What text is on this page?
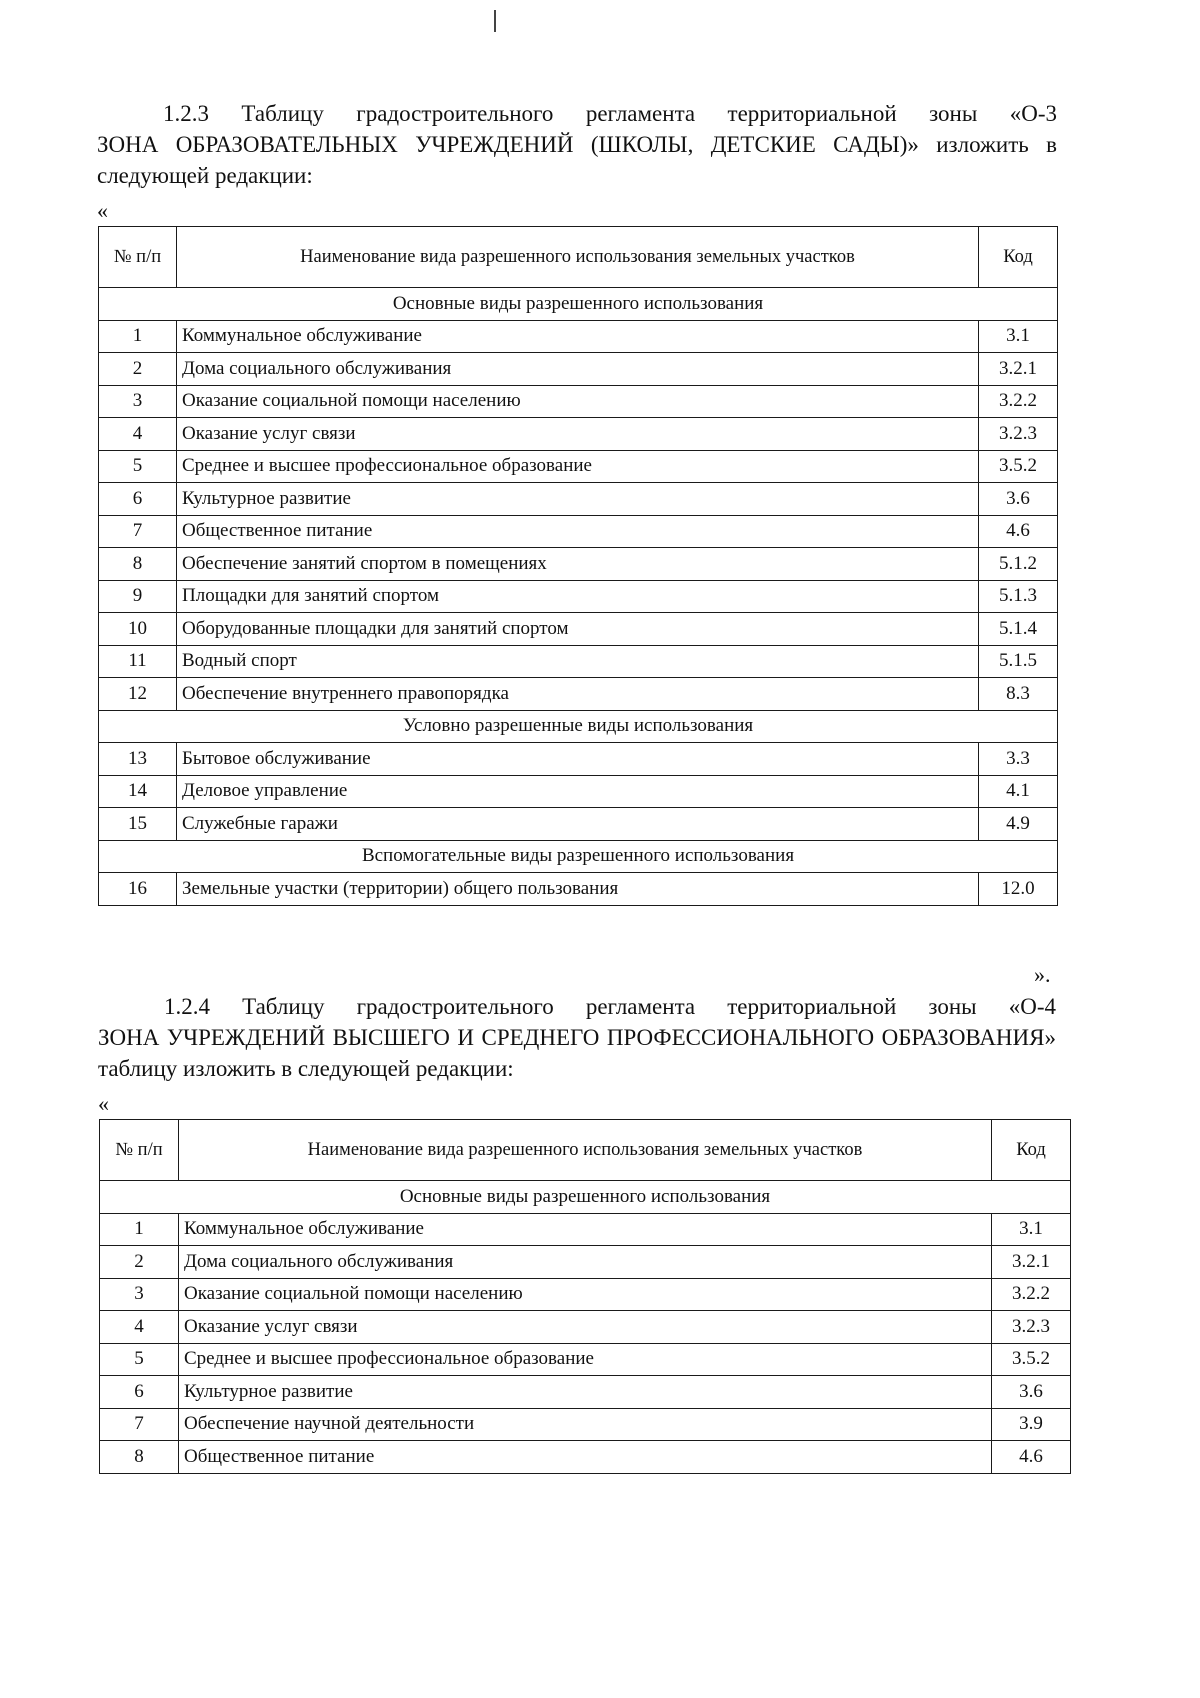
1.2.3 Таблицу градостроительного регламента территориальной зоны «О-3
ЗОНА ОБРАЗОВАТЕЛЬНЫХ УЧРЕЖДЕНИЙ (ШКОЛЫ, ДЕТСКИЕ САДЫ)» изложить в
следующей редакции:
«
№ п/п	Наименование вида разрешенного использования земельных участков	Код
Основные виды разрешенного использования		
1	Коммунальное обслуживание	3.1
2	Дома социального обслуживания	3.2.1
3	Оказание социальной помощи населению	3.2.2
4	Оказание услуг связи	3.2.3
5	Среднее и высшее профессиональное образование	3.5.2
6	Культурное развитие	3.6
7	Общественное питание	4.6
8	Обеспечение занятий спортом в помещениях	5.1.2
9	Площадки для занятий спортом	5.1.3
10	Оборудованные площадки для занятий спортом	5.1.4
11	Водный спорт	5.1.5
12	Обеспечение внутреннего правопорядка	8.3
Условно разрешенные виды использования		
13	Бытовое обслуживание	3.3
14	Деловое управление	4.1
15	Служебные гаражи	4.9
Вспомогательные виды разрешенного использования		
16	Земельные участки (территории) общего пользования	12.0
».
1.2.4 Таблицу градостроительного регламента территориальной зоны «О-4
ЗОНА УЧРЕЖДЕНИЙ ВЫСШЕГО И СРЕДНЕГО ПРОФЕССИОНАЛЬНОГО ОБРАЗОВАНИЯ»
таблицу изложить в следующей редакции:
«
№ п/п	Наименование вида разрешенного использования земельных участков	Код
Основные виды разрешенного использования		
1	Коммунальное обслуживание	3.1
2	Дома социального обслуживания	3.2.1
3	Оказание социальной помощи населению	3.2.2
4	Оказание услуг связи	3.2.3
5	Среднее и высшее профессиональное образование	3.5.2
6	Культурное развитие	3.6
7	Обеспечение научной деятельности	3.9
8	Общественное питание	4.6
